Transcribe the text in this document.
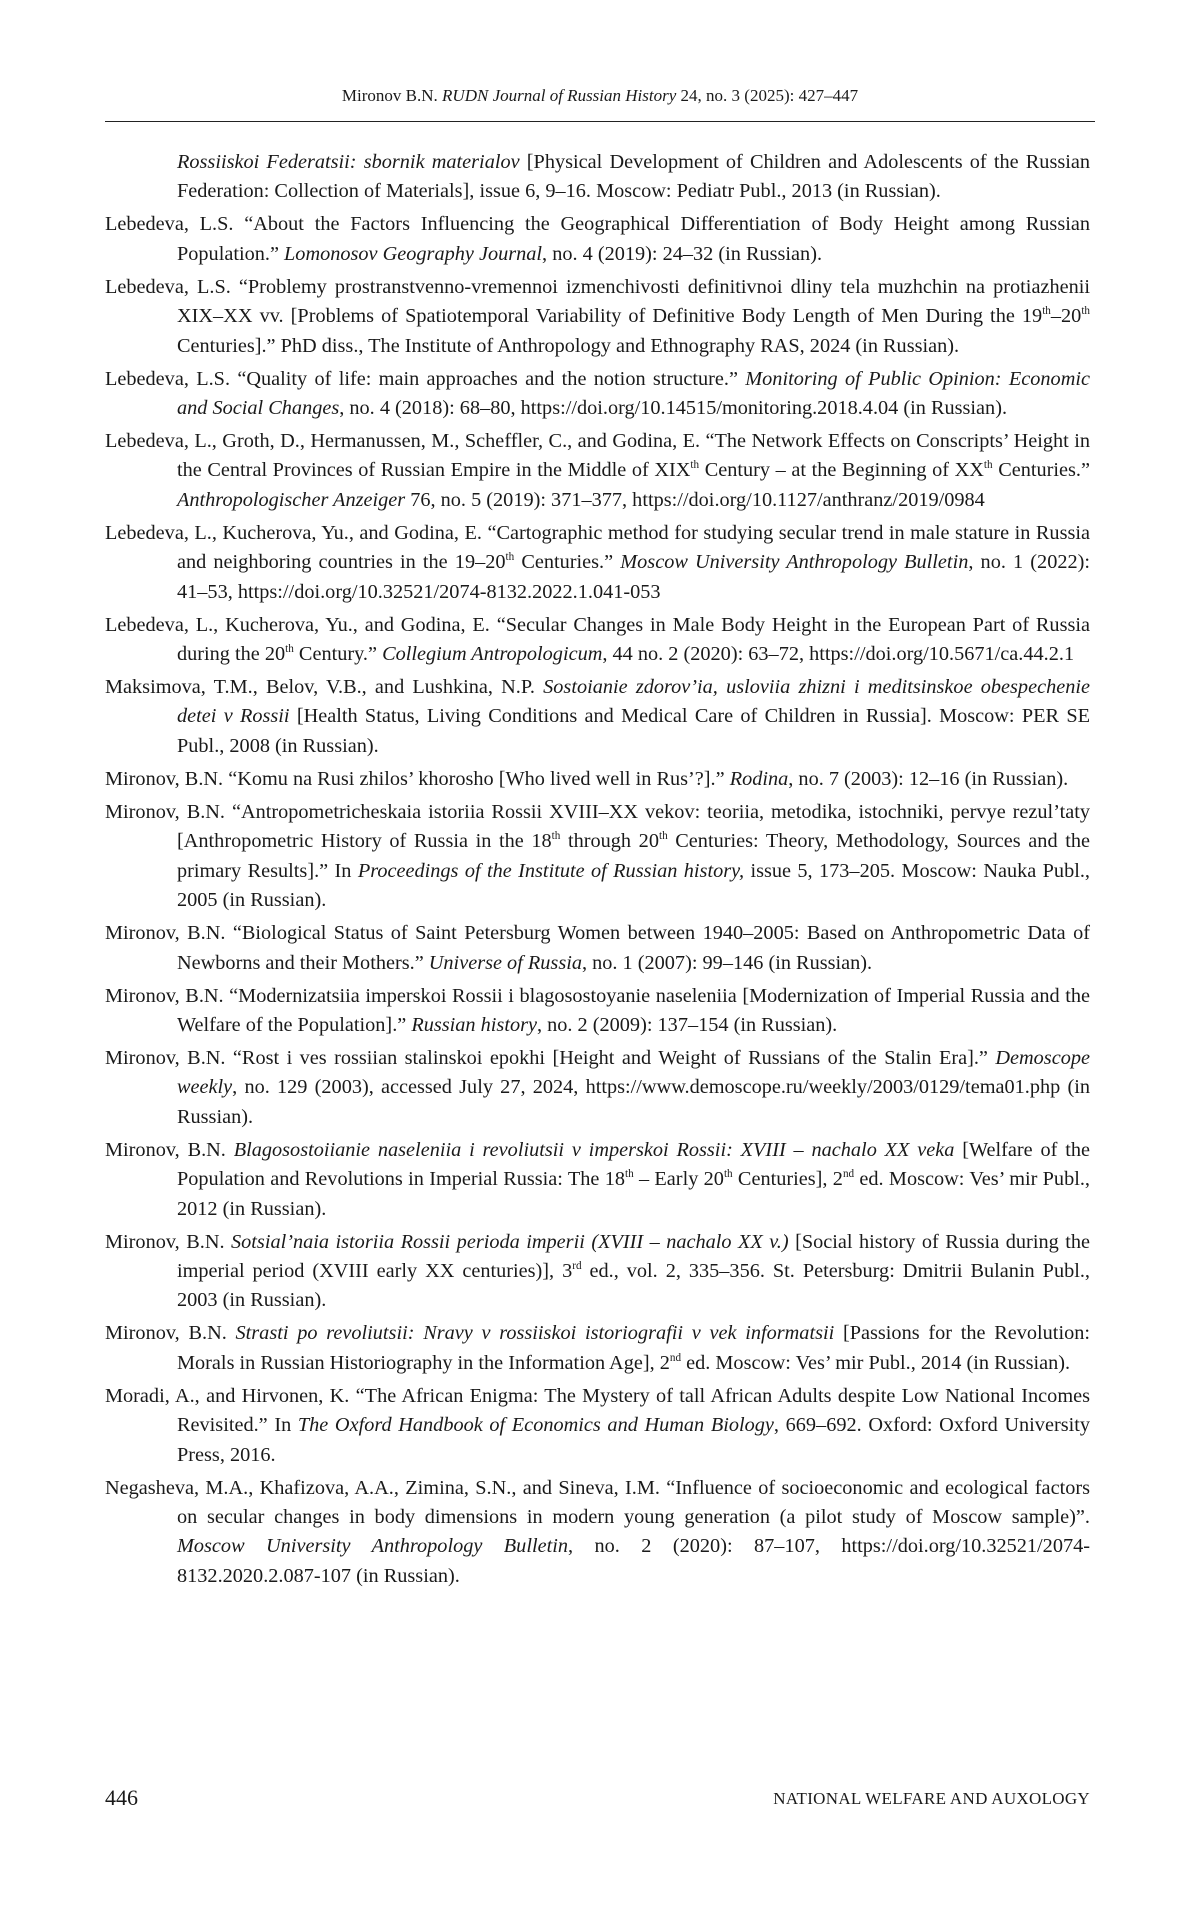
Mironov B.N. RUDN Journal of Russian History 24, no. 3 (2025): 427–447

Rossiiskoi Federatsii: sbornik materialov [Physical Development of Children and Adolescents of the Russian Federation: Collection of Materials], issue 6, 9–16. Moscow: Pediatr Publ., 2013 (in Russian).

Lebedeva, L.S. “About the Factors Influencing the Geographical Differentiation of Body Height among Russian Population.” Lomonosov Geography Journal, no. 4 (2019): 24–32 (in Russian).

Lebedeva, L.S. “Problemy prostranstvenno-vremennoi izmenchivosti definitivnoi dliny tela muzhchin na protiazhenii XIX–XX vv. [Problems of Spatiotemporal Variability of Definitive Body Length of Men During the 19th–20th Centuries].” PhD diss., The Institute of Anthropology and Ethnography RAS, 2024 (in Russian).

Lebedeva, L.S. “Quality of life: main approaches and the notion structure.” Monitoring of Public Opinion: Economic and Social Changes, no. 4 (2018): 68–80, https://doi.org/10.14515/monitoring.2018.4.04 (in Russian).

Lebedeva, L., Groth, D., Hermanussen, M., Scheffler, C., and Godina, E. “The Network Effects on Conscripts’ Height in the Central Provinces of Russian Empire in the Middle of XIXth Century – at the Beginning of XXth Centuries.” Anthropologischer Anzeiger 76, no. 5 (2019): 371–377, https://doi.org/10.1127/anthranz/2019/0984

Lebedeva, L., Kucherova, Yu., and Godina, E. “Cartographic method for studying secular trend in male stature in Russia and neighboring countries in the 19–20th Centuries.” Moscow University Anthropology Bulletin, no. 1 (2022): 41–53, https://doi.org/10.32521/2074-8132.2022.1.041-053

Lebedeva, L., Kucherova, Yu., and Godina, E. “Secular Changes in Male Body Height in the European Part of Russia during the 20th Century.” Collegium Antropologicum, 44 no. 2 (2020): 63–72, https://doi.org/10.5671/ca.44.2.1

Maksimova, T.M., Belov, V.B., and Lushkina, N.P. Sostoianie zdorov’ia, usloviia zhizni i meditsinskoe obespechenie detei v Rossii [Health Status, Living Conditions and Medical Care of Children in Russia]. Moscow: PER SE Publ., 2008 (in Russian).

Mironov, B.N. “Komu na Rusi zhilos’ khorosho [Who lived well in Rus’?].” Rodina, no. 7 (2003): 12–16 (in Russian).

Mironov, B.N. “Antropometricheskaia istoriia Rossii XVIII–XX vekov: teoriia, metodika, istochniki, pervye rezul’taty [Anthropometric History of Russia in the 18th through 20th Centuries: Theory, Methodology, Sources and the primary Results].” In Proceedings of the Institute of Russian history, issue 5, 173–205. Moscow: Nauka Publ., 2005 (in Russian).

Mironov, B.N. “Biological Status of Saint Petersburg Women between 1940–2005: Based on Anthropometric Data of Newborns and their Mothers.” Universe of Russia, no. 1 (2007): 99–146 (in Russian).

Mironov, B.N. “Modernizatsiia imperskoi Rossii i blagosostoyanie naseleniia [Modernization of Imperial Russia and the Welfare of the Population].” Russian history, no. 2 (2009): 137–154 (in Russian).

Mironov, B.N. “Rost i ves rossiian stalinskoi epokhi [Height and Weight of Russians of the Stalin Era].” Demoscope weekly, no. 129 (2003), accessed July 27, 2024, https://www.demoscope.ru/weekly/2003/0129/tema01.php (in Russian).

Mironov, B.N. Blagosostoiianie naseleniia i revoliutsii v imperskoi Rossii: XVIII – nachalo XX veka [Welfare of the Population and Revolutions in Imperial Russia: The 18th – Early 20th Centuries], 2nd ed. Moscow: Ves’ mir Publ., 2012 (in Russian).

Mironov, B.N. Sotsial’naia istoriia Rossii perioda imperii (XVIII – nachalo XX v.) [Social history of Russia during the imperial period (XVIII early XX centuries)], 3rd ed., vol. 2, 335–356. St. Petersburg: Dmitrii Bulanin Publ., 2003 (in Russian).

Mironov, B.N. Strasti po revoliutsii: Nravy v rossiiskoi istoriografii v vek informatsii [Passions for the Revolution: Morals in Russian Historiography in the Information Age], 2nd ed. Moscow: Ves’ mir Publ., 2014 (in Russian).

Moradi, A., and Hirvonen, K. “The African Enigma: The Mystery of tall African Adults despite Low National Incomes Revisited.” In The Oxford Handbook of Economics and Human Biology, 669–692. Oxford: Oxford University Press, 2016.

Negasheva, M.A., Khafizova, A.A., Zimina, S.N., and Sineva, I.M. “Influence of socioeconomic and ecological factors on secular changes in body dimensions in modern young generation (a pilot study of Moscow sample)”. Moscow University Anthropology Bulletin, no. 2 (2020): 87–107, https://doi.org/10.32521/2074-8132.2020.2.087-107 (in Russian).

446	NATIONAL WELFARE AND AUXOLOGY
